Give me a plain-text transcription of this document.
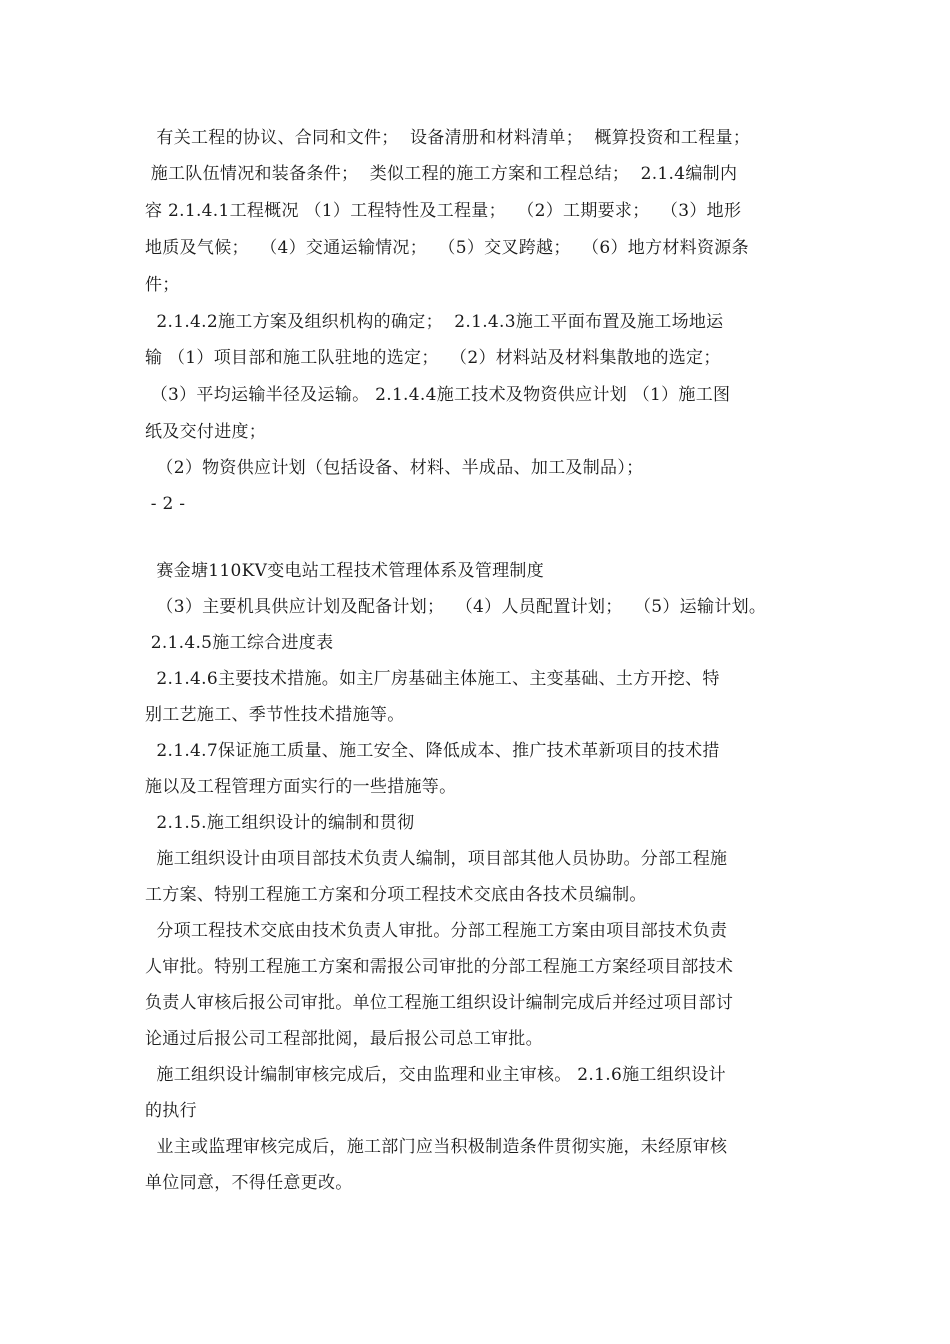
有关工程的协议、合同和文件；  设备清册和材料清单；  概算投资和工程量；
施工队伍情况和装备条件；  类似工程的施工方案和工程总结；  2.1.4编制内
容 2.1.4.1工程概况 （1）工程特性及工程量；  （2）工期要求；  （3）地形
地质及气候；  （4）交通运输情况；  （5）交叉跨越；  （6）地方材料资源条
件；
2.1.4.2施工方案及组织机构的确定；  2.1.4.3施工平面布置及施工场地运
输 （1）项目部和施工队驻地的选定；  （2）材料站及材料集散地的选定；
（3）平均运输半径及运输。 2.1.4.4施工技术及物资供应计划 （1）施工图
纸及交付进度；
（2）物资供应计划（包括设备、材料、半成品、加工及制品）；
- 2 -
赛金塘110KV变电站工程技术管理体系及管理制度
（3）主要机具供应计划及配备计划；  （4）人员配置计划；  （5）运输计划。
2.1.4.5施工综合进度表
2.1.4.6主要技术措施。如主厂房基础主体施工、主变基础、土方开挖、特
别工艺施工、季节性技术措施等。
2.1.4.7保证施工质量、施工安全、降低成本、推广技术革新项目的技术措
施以及工程管理方面实行的一些措施等。
2.1.5.施工组织设计的编制和贯彻
施工组织设计由项目部技术负责人编制，项目部其他人员协助。分部工程施
工方案、特别工程施工方案和分项工程技术交底由各技术员编制。
分项工程技术交底由技术负责人审批。分部工程施工方案由项目部技术负责
人审批。特别工程施工方案和需报公司审批的分部工程施工方案经项目部技术
负责人审核后报公司审批。单位工程施工组织设计编制完成后并经过项目部讨
论通过后报公司工程部批阅，最后报公司总工审批。
施工组织设计编制审核完成后，交由监理和业主审核。 2.1.6施工组织设计
的执行
业主或监理审核完成后，施工部门应当积极制造条件贯彻实施，未经原审核
单位同意，不得任意更改。
